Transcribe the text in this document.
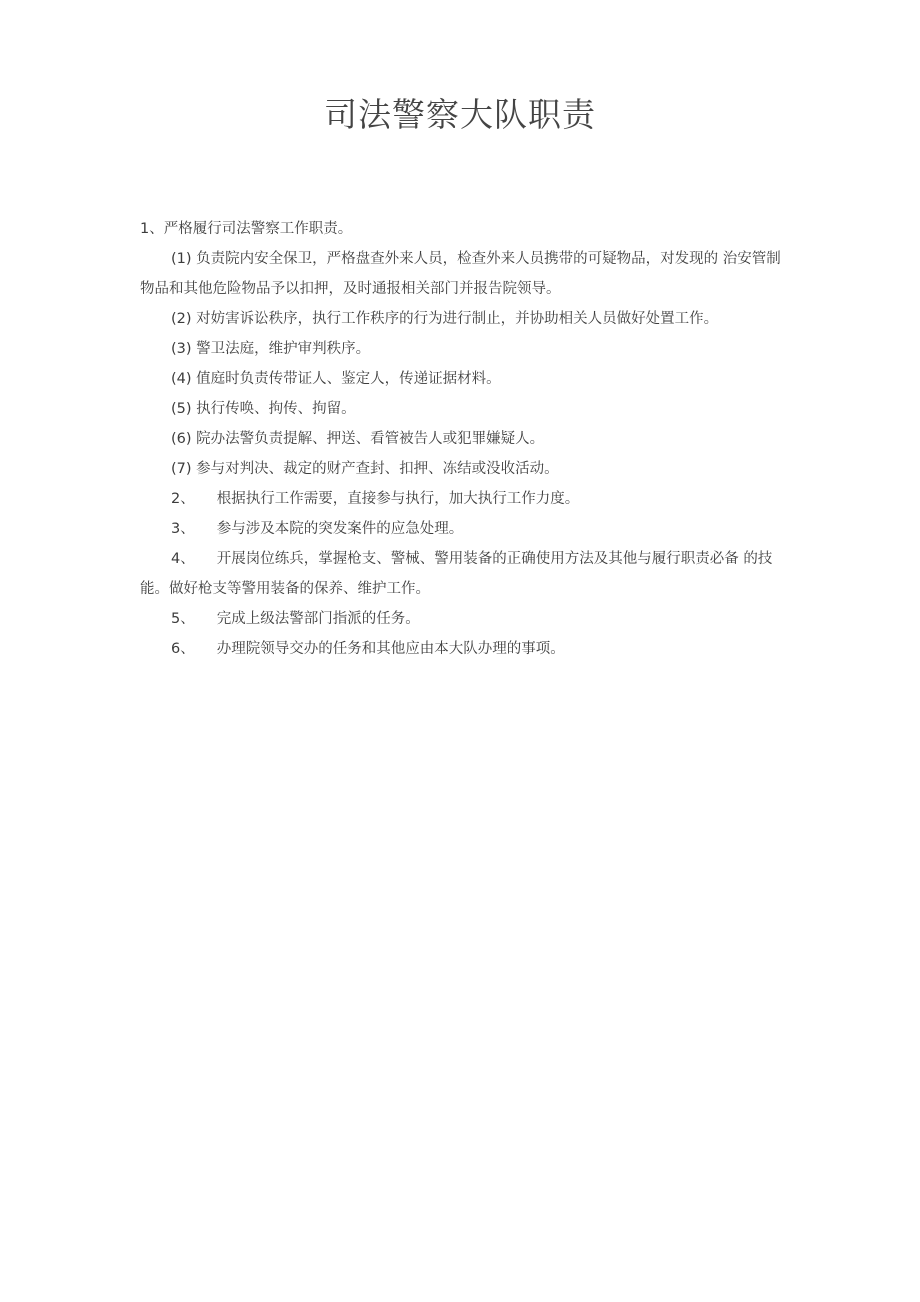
司法警察大队职责

1、严格履行司法警察工作职责。

(1) 负责院内安全保卫，严格盘查外来人员，检查外来人员携带的可疑物品，对发现的 治安管制物品和其他危险物品予以扣押，及时通报相关部门并报告院领导。

(2) 对妨害诉讼秩序，执行工作秩序的行为进行制止，并协助相关人员做好处置工作。

(3) 警卫法庭，维护审判秩序。

(4) 值庭时负责传带证人、鉴定人，传递证据材料。

(5) 执行传唤、拘传、拘留。

(6) 院办法警负责提解、押送、看管被告人或犯罪嫌疑人。

(7) 参与对判决、裁定的财产查封、扣押、冻结或没收活动。

2、 根据执行工作需要，直接参与执行，加大执行工作力度。

3、 参与涉及本院的突发案件的应急处理。

4、 开展岗位练兵，掌握枪支、警械、警用装备的正确使用方法及其他与履行职责必备 的技能。做好枪支等警用装备的保养、维护工作。

5、 完成上级法警部门指派的任务。

6、 办理院领导交办的任务和其他应由本大队办理的事项。
